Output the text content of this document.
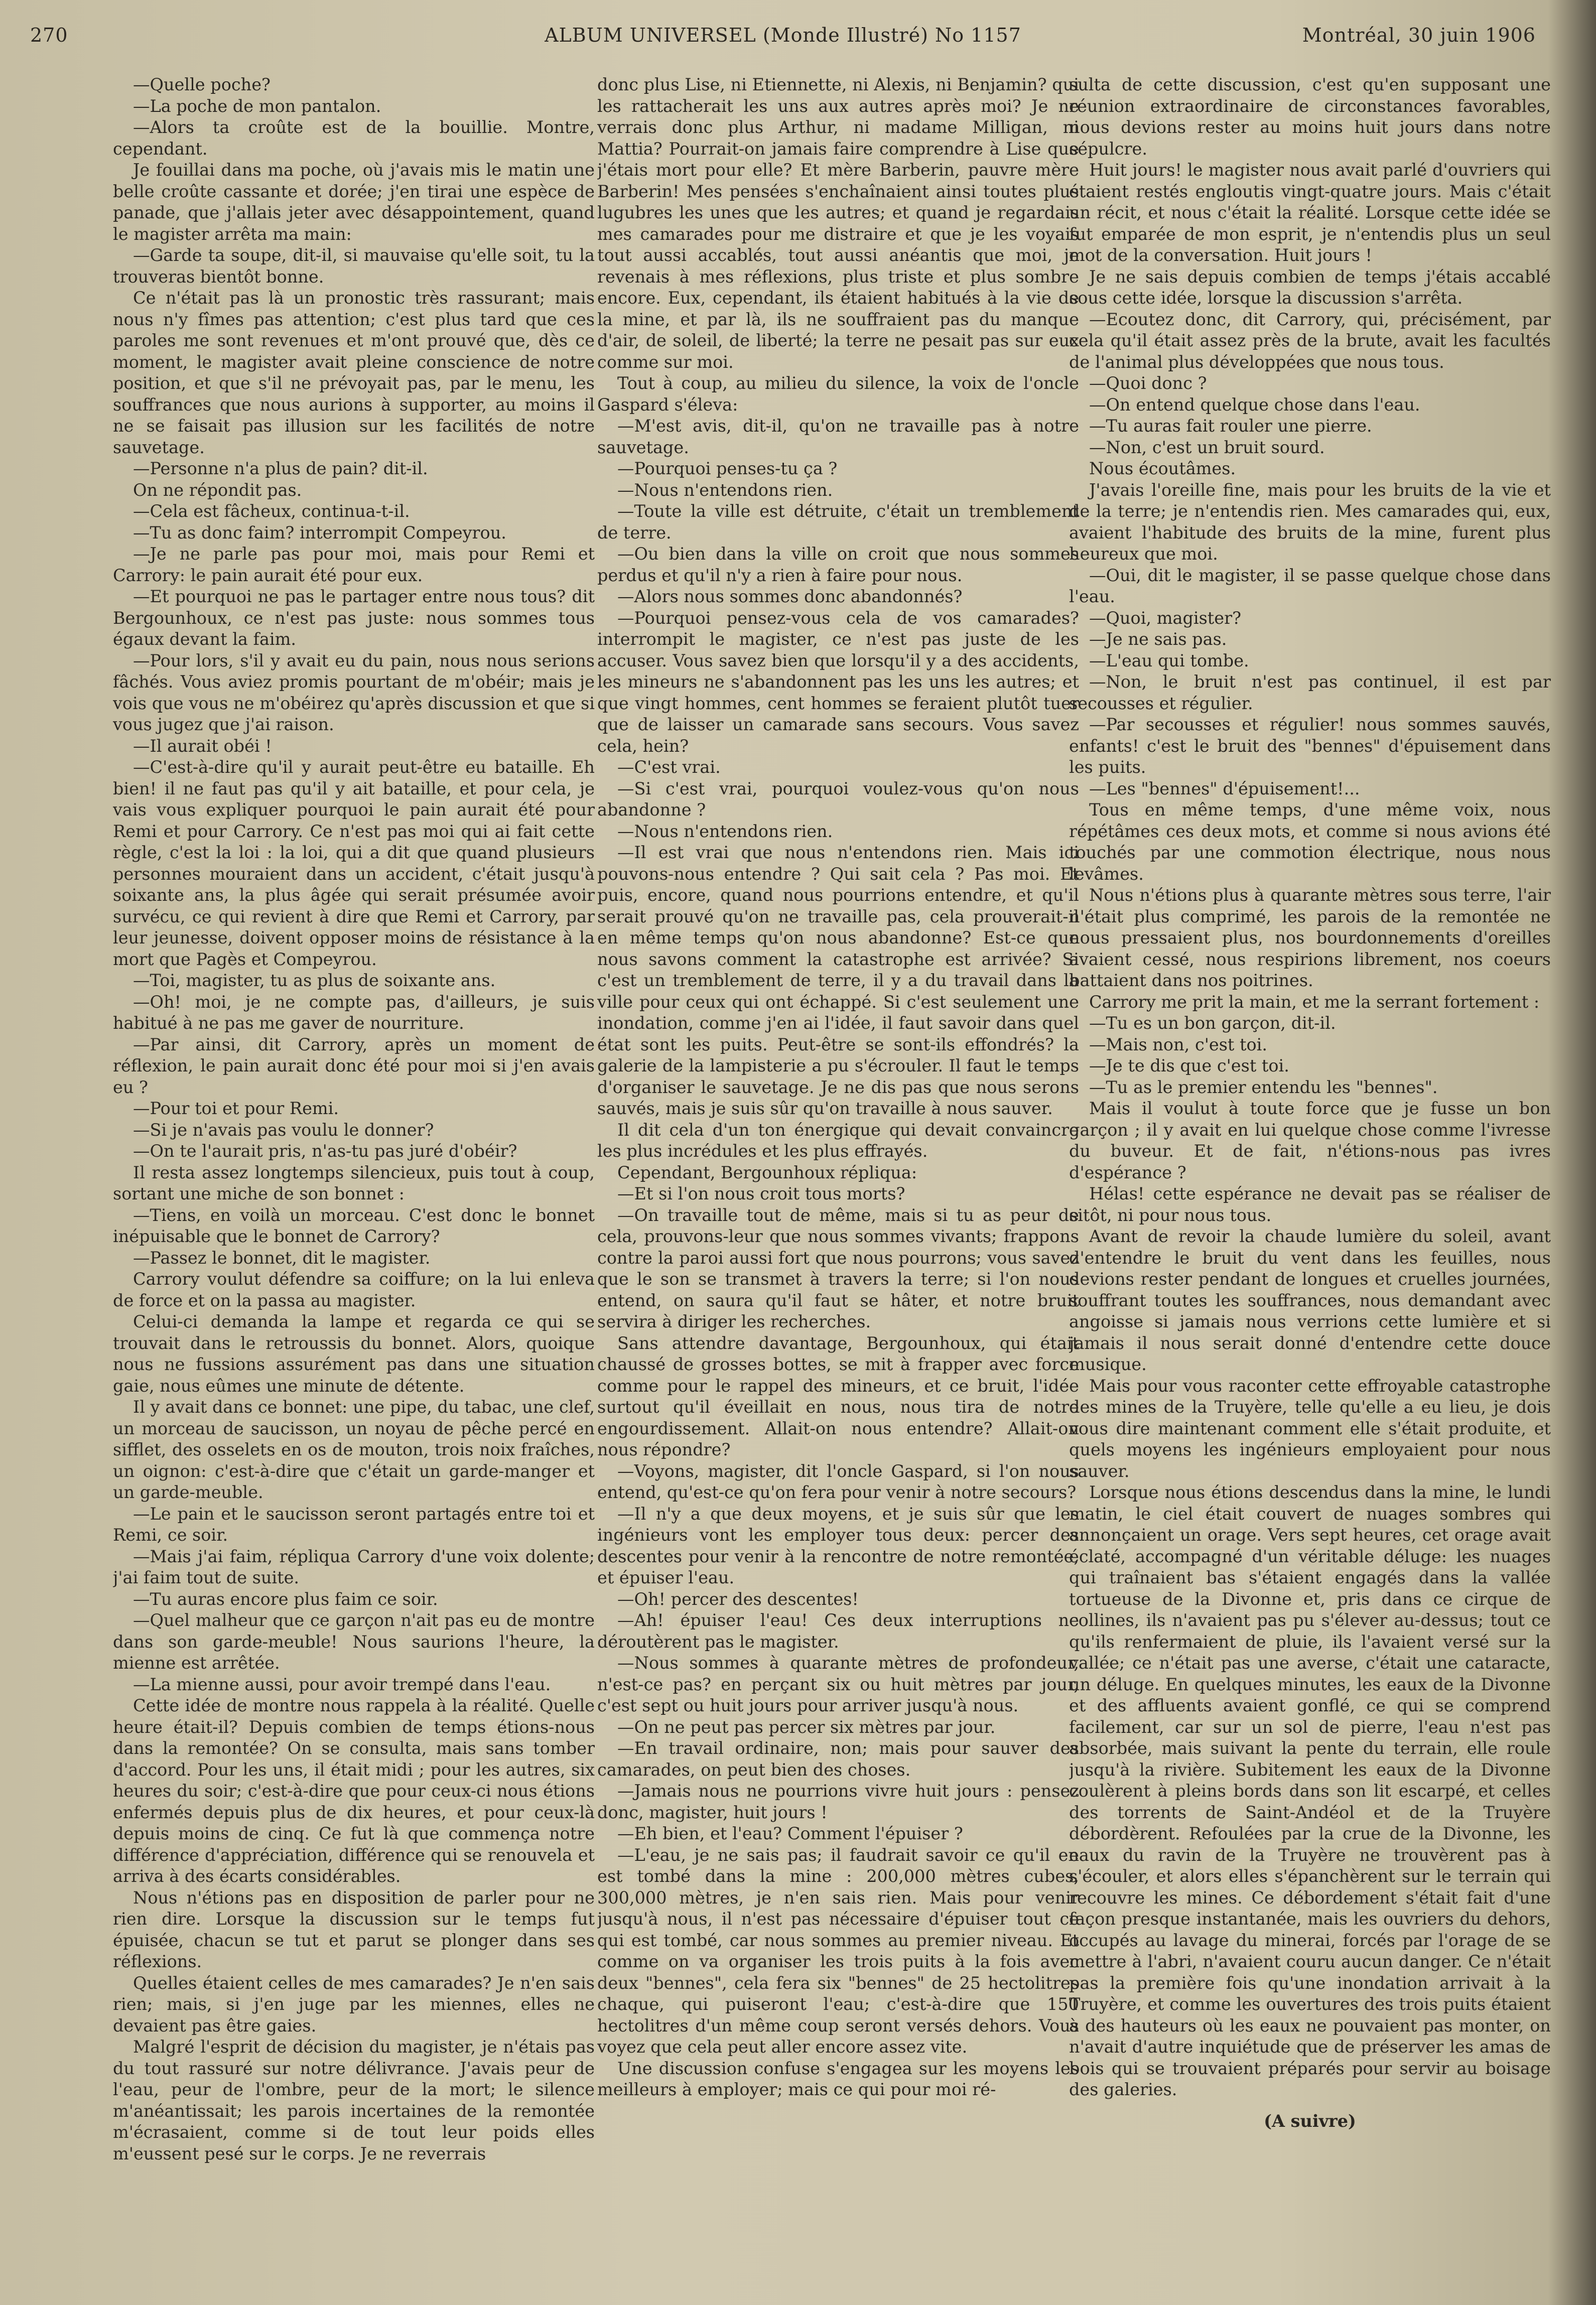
270	ALBUM UNIVERSEL (Monde Illustré) No 1157	Montréal, 30 juin 1906

—Quelle poche?

—La poche de mon pantalon.

—Alors ta croûte est de la bouillie. Montre, cependant.

Je fouillai dans ma poche, où j'avais mis le matin une belle croûte cassante et dorée; j'en tirai une espèce de panade, que j'allais jeter avec désappointement, quand le magister arrêta ma main:

—Garde ta soupe, dit-il, si mauvaise qu'elle soit, tu la trouveras bientôt bonne.

Ce n'était pas là un pronostic très rassurant; mais nous n'y fîmes pas attention; c'est plus tard que ces paroles me sont revenues et m'ont prouvé que, dès ce moment, le magister avait pleine conscience de notre position, et que s'il ne prévoyait pas, par le menu, les souffrances que nous aurions à supporter, au moins il ne se faisait pas illusion sur les facilités de notre sauvetage.

—Personne n'a plus de pain? dit-il.

On ne répondit pas.

—Cela est fâcheux, continua-t-il.

—Tu as donc faim? interrompit Compeyrou.

—Je ne parle pas pour moi, mais pour Remi et Carrory: le pain aurait été pour eux.

—Et pourquoi ne pas le partager entre nous tous? dit Bergounhoux, ce n'est pas juste: nous sommes tous égaux devant la faim.

—Pour lors, s'il y avait eu du pain, nous nous serions fâchés. Vous aviez promis pourtant de m'obéir; mais je vois que vous ne m'obéirez qu'après discussion et que si vous jugez que j'ai raison.

—Il aurait obéi !

—C'est-à-dire qu'il y aurait peut-être eu bataille. Eh bien! il ne faut pas qu'il y ait bataille, et pour cela, je vais vous expliquer pourquoi le pain aurait été pour Remi et pour Carrory. Ce n'est pas moi qui ai fait cette règle, c'est la loi : la loi, qui a dit que quand plusieurs personnes mouraient dans un accident, c'était jusqu'à soixante ans, la plus âgée qui serait présumée avoir survécu, ce qui revient à dire que Remi et Carrory, par leur jeunesse, doivent opposer moins de résistance à la mort que Pagès et Compeyrou.

—Toi, magister, tu as plus de soixante ans.

—Oh! moi, je ne compte pas, d'ailleurs, je suis habitué à ne pas me gaver de nourriture.

—Par ainsi, dit Carrory, après un moment de réflexion, le pain aurait donc été pour moi si j'en avais eu ?

—Pour toi et pour Remi.

—Si je n'avais pas voulu le donner?

—On te l'aurait pris, n'as-tu pas juré d'obéir?

Il resta assez longtemps silencieux, puis tout à coup, sortant une miche de son bonnet :

—Tiens, en voilà un morceau. C'est donc le bonnet inépuisable que le bonnet de Carrory?

—Passez le bonnet, dit le magister.

Carrory voulut défendre sa coiffure; on la lui enleva de force et on la passa au magister.

Celui-ci demanda la lampe et regarda ce qui se trouvait dans le retroussis du bonnet. Alors, quoique nous ne fussions assurément pas dans une situation gaie, nous eûmes une minute de détente.

Il y avait dans ce bonnet: une pipe, du tabac, une clef, un morceau de saucisson, un noyau de pêche percé en sifflet, des osselets en os de mouton, trois noix fraîches, un oignon: c'est-à-dire que c'était un garde-manger et un garde-meuble.

—Le pain et le saucisson seront partagés entre toi et Remi, ce soir.

—Mais j'ai faim, répliqua Carrory d'une voix dolente; j'ai faim tout de suite.

—Tu auras encore plus faim ce soir.

—Quel malheur que ce garçon n'ait pas eu de montre dans son garde-meuble! Nous saurions l'heure, la mienne est arrêtée.

—La mienne aussi, pour avoir trempé dans l'eau.

Cette idée de montre nous rappela à la réalité. Quelle heure était-il? Depuis combien de temps étions-nous dans la remontée? On se consulta, mais sans tomber d'accord. Pour les uns, il était midi ; pour les autres, six heures du soir; c'est-à-dire que pour ceux-ci nous étions enfermés depuis plus de dix heures, et pour ceux-là depuis moins de cinq. Ce fut là que commença notre différence d'appréciation, différence qui se renouvela et arriva à des écarts considérables.

Nous n'étions pas en disposition de parler pour ne rien dire. Lorsque la discussion sur le temps fut épuisée, chacun se tut et parut se plonger dans ses réflexions.

Quelles étaient celles de mes camarades? Je n'en sais rien; mais, si j'en juge par les miennes, elles ne devaient pas être gaies.

Malgré l'esprit de décision du magister, je n'étais pas du tout rassuré sur notre délivrance. J'avais peur de l'eau, peur de l'ombre, peur de la mort; le silence m'anéantissait; les parois incertaines de la remontée m'écrasaient, comme si de tout leur poids elles m'eussent pesé sur le corps. Je ne reverrais

donc plus Lise, ni Etiennette, ni Alexis, ni Benjamin? qui les rattacherait les uns aux autres après moi? Je ne verrais donc plus Arthur, ni madame Milligan, ni Mattia? Pourrait-on jamais faire comprendre à Lise que j'étais mort pour elle? Et mère Barberin, pauvre mère Barberin! Mes pensées s'enchaînaient ainsi toutes plus lugubres les unes que les autres; et quand je regardais mes camarades pour me distraire et que je les voyais tout aussi accablés, tout aussi anéantis que moi, je revenais à mes réflexions, plus triste et plus sombre encore. Eux, cependant, ils étaient habitués à la vie de la mine, et par là, ils ne souffraient pas du manque d'air, de soleil, de liberté; la terre ne pesait pas sur eux comme sur moi.

Tout à coup, au milieu du silence, la voix de l'oncle Gaspard s'éleva:

—M'est avis, dit-il, qu'on ne travaille pas à notre sauvetage.

—Pourquoi penses-tu ça ?

—Nous n'entendons rien.

—Toute la ville est détruite, c'était un tremblement de terre.

—Ou bien dans la ville on croit que nous sommes perdus et qu'il n'y a rien à faire pour nous.

—Alors nous sommes donc abandonnés?

—Pourquoi pensez-vous cela de vos camarades? interrompit le magister, ce n'est pas juste de les accuser. Vous savez bien que lorsqu'il y a des accidents, les mineurs ne s'abandonnent pas les uns les autres; et que vingt hommes, cent hommes se feraient plutôt tuer que de laisser un camarade sans secours. Vous savez cela, hein?

—C'est vrai.

—Si c'est vrai, pourquoi voulez-vous qu'on nous abandonne ?

—Nous n'entendons rien.

—Il est vrai que nous n'entendons rien. Mais ici pouvons-nous entendre ? Qui sait cela ? Pas moi. Et puis, encore, quand nous pourrions entendre, et qu'il serait prouvé qu'on ne travaille pas, cela prouverait-il en même temps qu'on nous abandonne? Est-ce que nous savons comment la catastrophe est arrivée? Si c'est un tremblement de terre, il y a du travail dans la ville pour ceux qui ont échappé. Si c'est seulement une inondation, comme j'en ai l'idée, il faut savoir dans quel état sont les puits. Peut-être se sont-ils effondrés? la galerie de la lampisterie a pu s'écrouler. Il faut le temps d'organiser le sauvetage. Je ne dis pas que nous serons sauvés, mais je suis sûr qu'on travaille à nous sauver.

Il dit cela d'un ton énergique qui devait convaincre les plus incrédules et les plus effrayés.

Cependant, Bergounhoux répliqua:

—Et si l'on nous croit tous morts?

—On travaille tout de même, mais si tu as peur de cela, prouvons-leur que nous sommes vivants; frappons contre la paroi aussi fort que nous pourrons; vous savez que le son se transmet à travers la terre; si l'on nous entend, on saura qu'il faut se hâter, et notre bruit servira à diriger les recherches.

Sans attendre davantage, Bergounhoux, qui était chaussé de grosses bottes, se mit à frapper avec force comme pour le rappel des mineurs, et ce bruit, l'idée surtout qu'il éveillait en nous, nous tira de notre engourdissement. Allait-on nous entendre? Allait-on nous répondre?

—Voyons, magister, dit l'oncle Gaspard, si l'on nous entend, qu'est-ce qu'on fera pour venir à notre secours?

—Il n'y a que deux moyens, et je suis sûr que les ingénieurs vont les employer tous deux: percer des descentes pour venir à la rencontre de notre remontée, et épuiser l'eau.

—Oh! percer des descentes!

—Ah! épuiser l'eau! Ces deux interruptions ne déroutèrent pas le magister.

—Nous sommes à quarante mètres de profondeur, n'est-ce pas? en perçant six ou huit mètres par jour, c'est sept ou huit jours pour arriver jusqu'à nous.

—On ne peut pas percer six mètres par jour.

—En travail ordinaire, non; mais pour sauver des camarades, on peut bien des choses.

—Jamais nous ne pourrions vivre huit jours : pensez donc, magister, huit jours !

—Eh bien, et l'eau? Comment l'épuiser ?

—L'eau, je ne sais pas; il faudrait savoir ce qu'il en est tombé dans la mine : 200,000 mètres cubes, 300,000 mètres, je n'en sais rien. Mais pour venir jusqu'à nous, il n'est pas nécessaire d'épuiser tout ce qui est tombé, car nous sommes au premier niveau. Et comme on va organiser les trois puits à la fois avec deux "bennes", cela fera six "bennes" de 25 hectolitres chaque, qui puiseront l'eau; c'est-à-dire que 150 hectolitres d'un même coup seront versés dehors. Vous voyez que cela peut aller encore assez vite.

Une discussion confuse s'engagea sur les moyens les meilleurs à employer; mais ce qui pour moi ré-

sulta de cette discussion, c'est qu'en supposant une réunion extraordinaire de circonstances favorables, nous devions rester au moins huit jours dans notre sépulcre.

Huit jours! le magister nous avait parlé d'ouvriers qui étaient restés engloutis vingt-quatre jours. Mais c'était un récit, et nous c'était la réalité. Lorsque cette idée se fut emparée de mon esprit, je n'entendis plus un seul mot de la conversation. Huit jours !

Je ne sais depuis combien de temps j'étais accablé sous cette idée, lorsque la discussion s'arrêta.

—Ecoutez donc, dit Carrory, qui, précisément, par cela qu'il était assez près de la brute, avait les facultés de l'animal plus développées que nous tous.

—Quoi donc ?

—On entend quelque chose dans l'eau.

—Tu auras fait rouler une pierre.

—Non, c'est un bruit sourd.

Nous écoutâmes.

J'avais l'oreille fine, mais pour les bruits de la vie et de la terre; je n'entendis rien. Mes camarades qui, eux, avaient l'habitude des bruits de la mine, furent plus heureux que moi.

—Oui, dit le magister, il se passe quelque chose dans l'eau.

—Quoi, magister?

—Je ne sais pas.

—L'eau qui tombe.

—Non, le bruit n'est pas continuel, il est par secousses et régulier.

—Par secousses et régulier! nous sommes sauvés, enfants! c'est le bruit des "bennes" d'épuisement dans les puits.

—Les "bennes" d'épuisement!...

Tous en même temps, d'une même voix, nous répétâmes ces deux mots, et comme si nous avions été touchés par une commotion électrique, nous nous levâmes.

Nous n'étions plus à quarante mètres sous terre, l'air n'était plus comprimé, les parois de la remontée ne nous pressaient plus, nos bourdonnements d'oreilles avaient cessé, nous respirions librement, nos coeurs battaient dans nos poitrines.

Carrory me prit la main, et me la serrant fortement :

—Tu es un bon garçon, dit-il.

—Mais non, c'est toi.

—Je te dis que c'est toi.

—Tu as le premier entendu les "bennes".

Mais il voulut à toute force que je fusse un bon garçon ; il y avait en lui quelque chose comme l'ivresse du buveur. Et de fait, n'étions-nous pas ivres d'espérance ?

Hélas! cette espérance ne devait pas se réaliser de sitôt, ni pour nous tous.

Avant de revoir la chaude lumière du soleil, avant d'entendre le bruit du vent dans les feuilles, nous devions rester pendant de longues et cruelles journées, souffrant toutes les souffrances, nous demandant avec angoisse si jamais nous verrions cette lumière et si jamais il nous serait donné d'entendre cette douce musique.

Mais pour vous raconter cette effroyable catastrophe des mines de la Truyère, telle qu'elle a eu lieu, je dois vous dire maintenant comment elle s'était produite, et quels moyens les ingénieurs employaient pour nous sauver.

Lorsque nous étions descendus dans la mine, le lundi matin, le ciel était couvert de nuages sombres qui annonçaient un orage. Vers sept heures, cet orage avait éclaté, accompagné d'un véritable déluge: les nuages qui traînaient bas s'étaient engagés dans la vallée tortueuse de la Divonne et, pris dans ce cirque de collines, ils n'avaient pas pu s'élever au-dessus; tout ce qu'ils renfermaient de pluie, ils l'avaient versé sur la vallée; ce n'était pas une averse, c'était une cataracte, un déluge. En quelques minutes, les eaux de la Divonne et des affluents avaient gonflé, ce qui se comprend facilement, car sur un sol de pierre, l'eau n'est pas absorbée, mais suivant la pente du terrain, elle roule jusqu'à la rivière. Subitement les eaux de la Divonne coulèrent à pleins bords dans son lit escarpé, et celles des torrents de Saint-Andéol et de la Truyère débordèrent. Refoulées par la crue de la Divonne, les eaux du ravin de la Truyère ne trouvèrent pas à s'écouler, et alors elles s'épanchèrent sur le terrain qui recouvre les mines. Ce débordement s'était fait d'une façon presque instantanée, mais les ouvriers du dehors, occupés au lavage du minerai, forcés par l'orage de se mettre à l'abri, n'avaient couru aucun danger. Ce n'était pas la première fois qu'une inondation arrivait à la Truyère, et comme les ouvertures des trois puits étaient à des hauteurs où les eaux ne pouvaient pas monter, on n'avait d'autre inquiétude que de préserver les amas de bois qui se trouvaient préparés pour servir au boisage des galeries.

(A suivre)
